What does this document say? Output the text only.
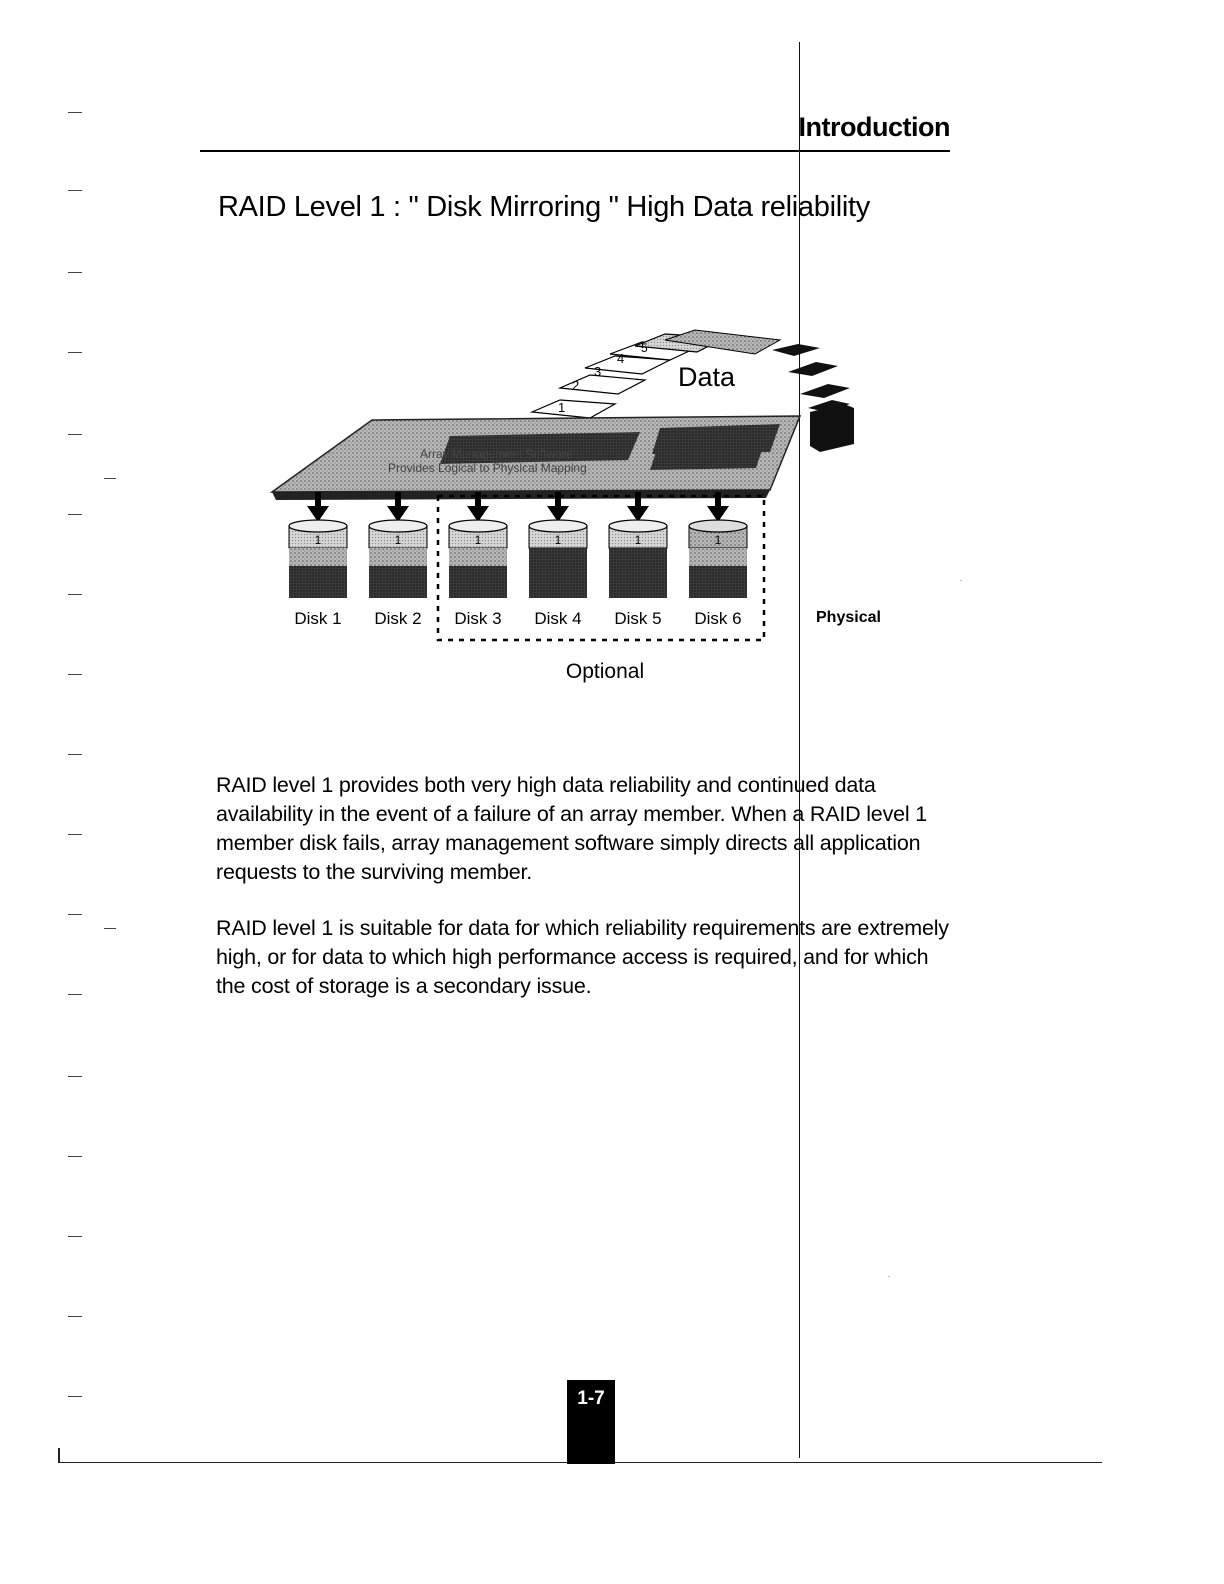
Introduction
RAID Level 1 : " Disk Mirroring " High Data reliability
1
2
3
4
5
Array Management Software
Provides Logical to Physical Mapping
1	1	1	1	1	1
Data
Disk 1	Disk 2	Disk 3	Disk 4	Disk 5	Disk 6	Physical
Optional

RAID level 1 provides both very high data reliability and continued data availability in the event of a failure of an array member. When a RAID level 1 member disk fails, array management software simply directs all application requests to the surviving member.

RAID level 1 is suitable for data for which reliability requirements are extremely high, or for data to which high performance access is required, and for which the cost of storage is a secondary issue.

1-7
